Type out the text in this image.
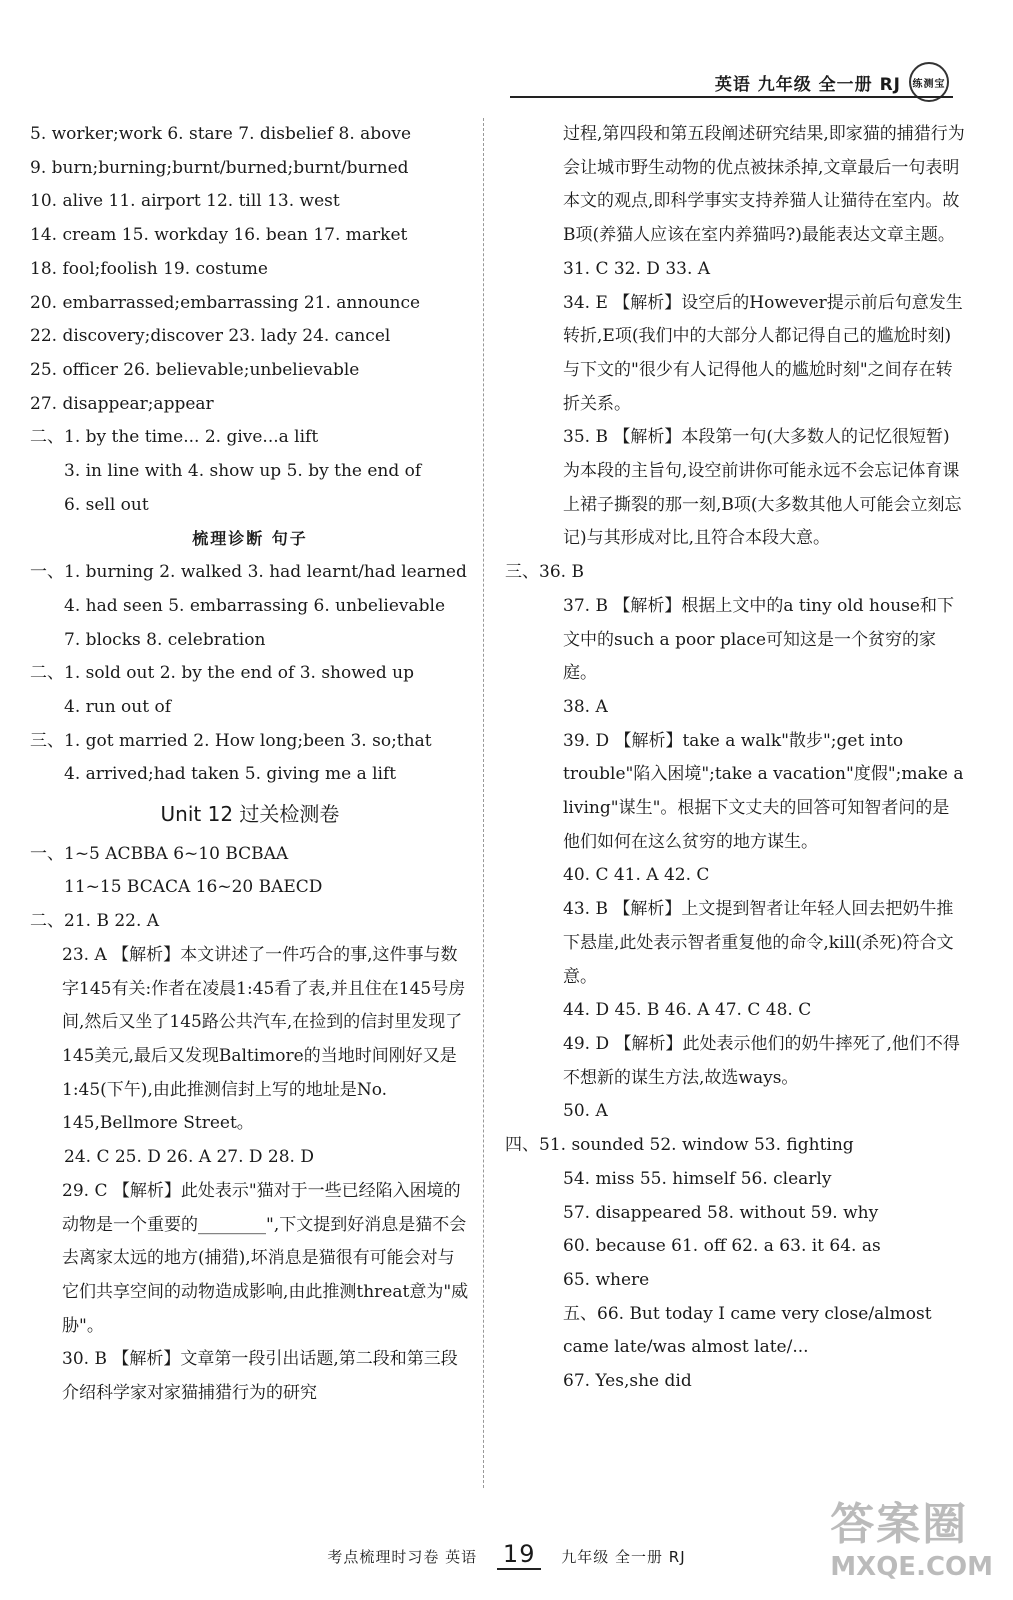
英语 九年级 全一册 RJ 练测宝
5. worker;work 6. stare 7. disbelief 8. above
9. burn;burning;burnt/burned;burnt/burned
10. alive 11. airport 12. till 13. west
14. cream 15. workday 16. bean 17. market
18. fool;foolish 19. costume
20. embarrassed;embarrassing 21. announce
22. discovery;discover 23. lady 24. cancel
25. officer 26. believable;unbelievable
27. disappear;appear
二、1. by the time... 2. give...a lift
3. in line with 4. show up 5. by the end of
6. sell out
梳理诊断 句子
一、1. burning 2. walked 3. had learnt/had learned
4. had seen 5. embarrassing 6. unbelievable
7. blocks 8. celebration
二、1. sold out 2. by the end of 3. showed up
4. run out of
三、1. got married 2. How long;been 3. so;that
4. arrived;had taken 5. giving me a lift
Unit 12 过关检测卷
一、1~5 ACBBA 6~10 BCBAA
11~15 BCACA 16~20 BAECD
二、21. B 22. A
23. A 【解析】本文讲述了一件巧合的事,这件事与数字145有关:作者在凌晨1:45看了表,并且住在145号房间,然后又坐了145路公共汽车,在捡到的信封里发现了145美元,最后又发现Baltimore的当地时间刚好又是1:45(下午),由此推测信封上写的地址是No. 145,Bellmore Street。
24. C 25. D 26. A 27. D 28. D
29. C 【解析】此处表示"猫对于一些已经陷入困境的动物是一个重要的________",下文提到好消息是猫不会去离家太远的地方(捕猎),坏消息是猫很有可能会对与它们共享空间的动物造成影响,由此推测threat意为"威胁"。
30. B 【解析】文章第一段引出话题,第二段和第三段介绍科学家对家猫捕猎行为的研究
过程,第四段和第五段阐述研究结果,即家猫的捕猎行为会让城市野生动物的优点被抹杀掉,文章最后一句表明本文的观点,即科学事实支持养猫人让猫待在室内。故B项(养猫人应该在室内养猫吗?)最能表达文章主题。
31. C 32. D 33. A
34. E 【解析】设空后的However提示前后句意发生转折,E项(我们中的大部分人都记得自己的尴尬时刻)与下文的"很少有人记得他人的尴尬时刻"之间存在转折关系。
35. B 【解析】本段第一句(大多数人的记忆很短暂)为本段的主旨句,设空前讲你可能永远不会忘记体育课上裙子撕裂的那一刻,B项(大多数其他人可能会立刻忘记)与其形成对比,且符合本段大意。
三、36. B
37. B 【解析】根据上文中的a tiny old house和下文中的such a poor place可知这是一个贫穷的家庭。
38. A
39. D 【解析】take a walk"散步";get into trouble"陷入困境";take a vacation"度假";make a living"谋生"。根据下文丈夫的回答可知智者问的是他们如何在这么贫穷的地方谋生。
40. C 41. A 42. C
43. B 【解析】上文提到智者让年轻人回去把奶牛推下悬崖,此处表示智者重复他的命令,kill(杀死)符合文意。
44. D 45. B 46. A 47. C 48. C
49. D 【解析】此处表示他们的奶牛摔死了,他们不得不想新的谋生方法,故选ways。
50. A
四、51. sounded 52. window 53. fighting
54. miss 55. himself 56. clearly
57. disappeared 58. without 59. why
60. because 61. off 62. a 63. it 64. as
65. where
五、66. But today I came very close/almost came late/was almost late/...
67. Yes,she did
考点梳理时习卷 英语 19 九年级 全一册 RJ
答案圈
MXQE.COM
